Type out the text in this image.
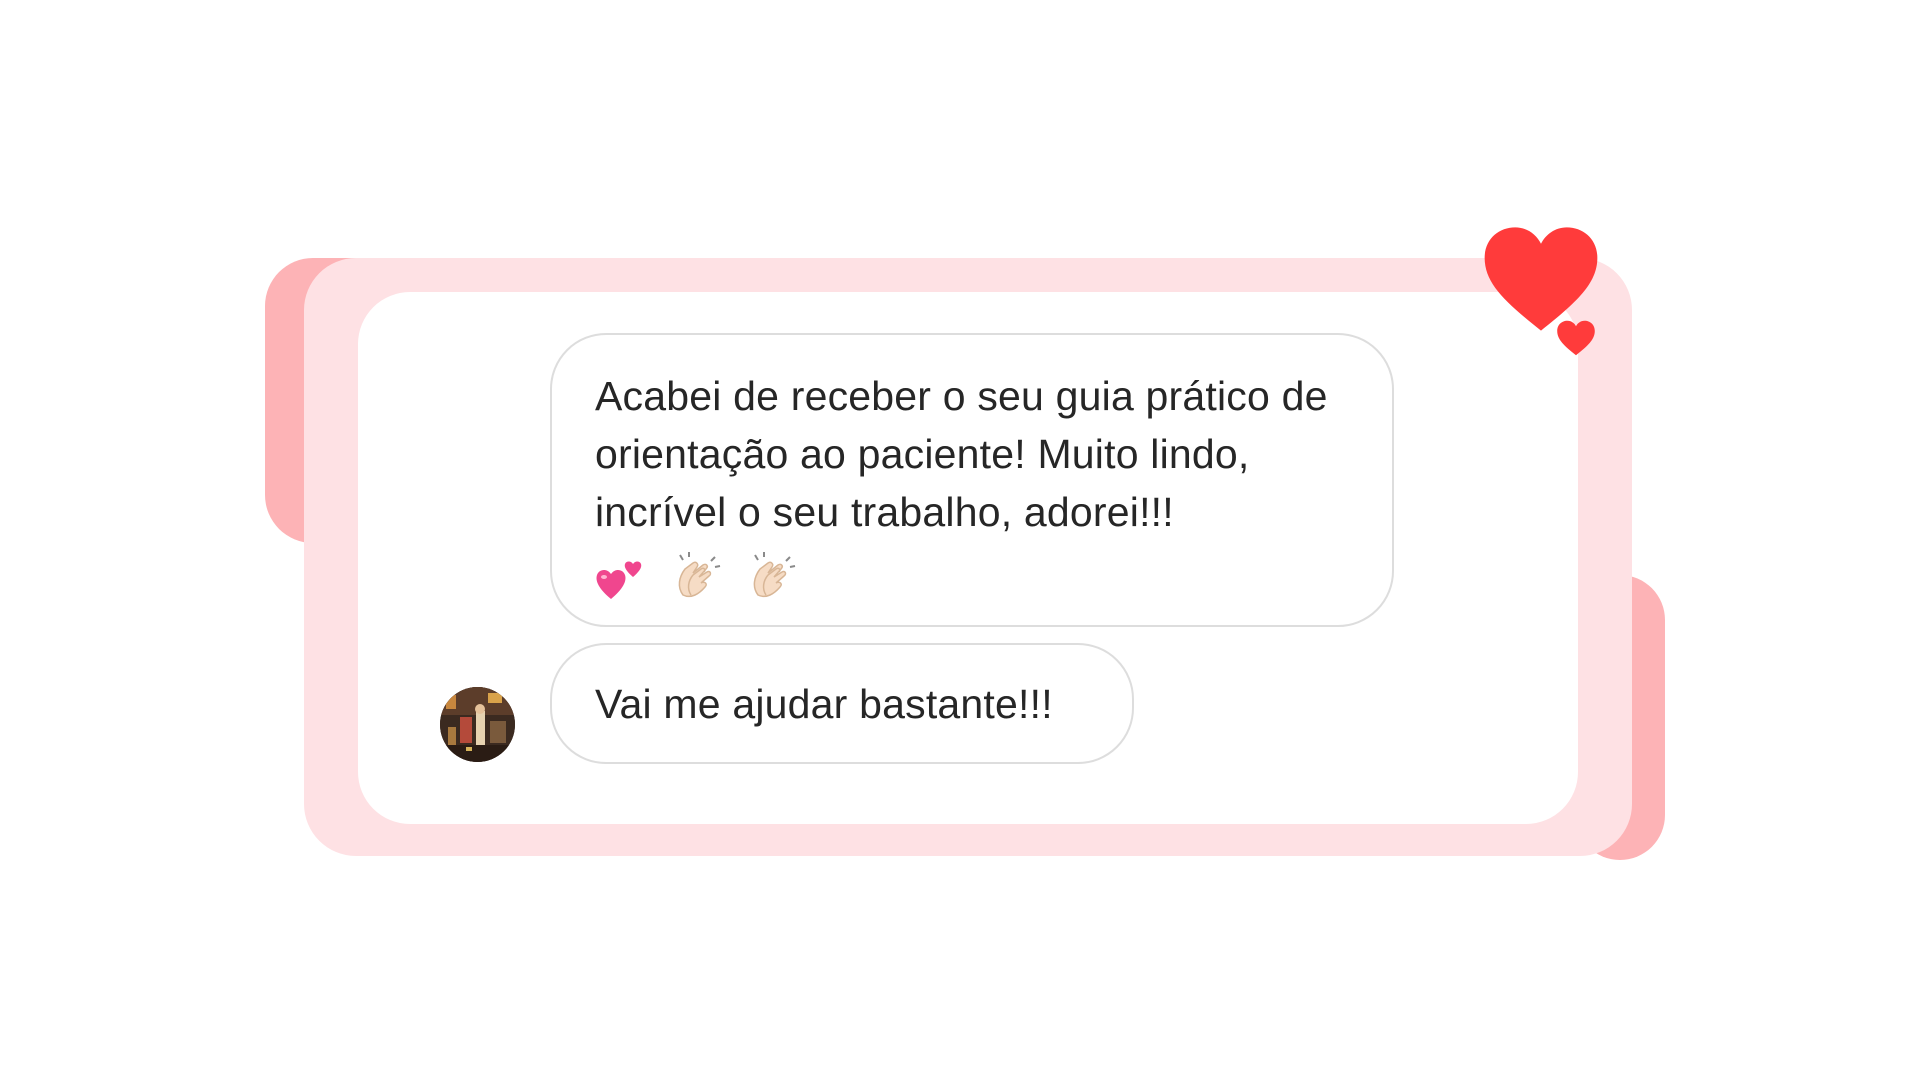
Acabei de receber o seu guia prático de orientação ao paciente! Muito lindo, incrível o seu trabalho, adorei!!!

Vai me ajudar bastante!!!
